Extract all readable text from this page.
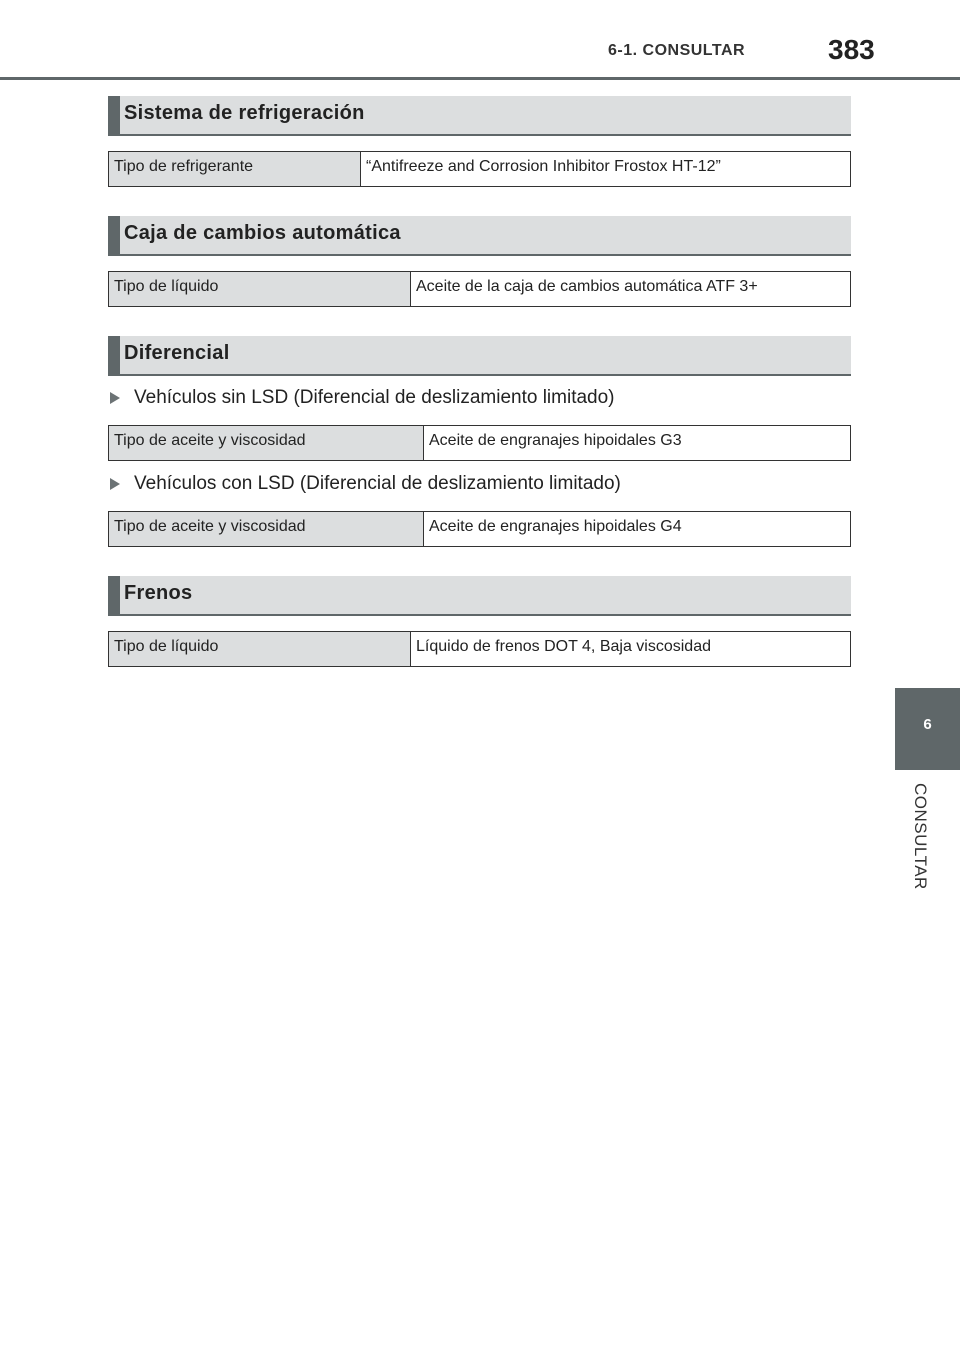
6-1. CONSULTAR	383
6
CONSULTAR
Sistema de refrigeración
Tipo de refrigerante	“Antifreeze and Corrosion Inhibitor Frostox HT-12”
Caja de cambios automática
Tipo de líquido	Aceite de la caja de cambios automática ATF 3+
Diferencial
Vehículos sin LSD (Diferencial de deslizamiento limitado)
Tipo de aceite y viscosidad	Aceite de engranajes hipoidales G3
Vehículos con LSD (Diferencial de deslizamiento limitado)
Tipo de aceite y viscosidad	Aceite de engranajes hipoidales G4
Frenos
Tipo de líquido	Líquido de frenos DOT 4, Baja viscosidad
